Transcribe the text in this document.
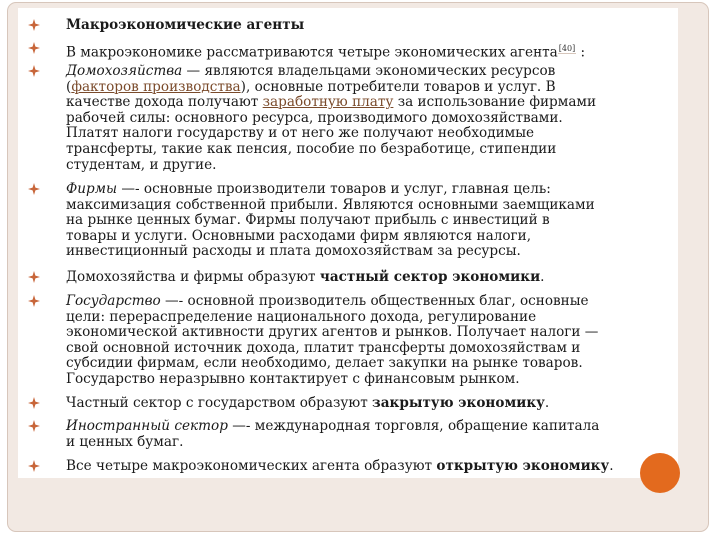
Макроэкономические агенты
В макроэкономике рассматриваются четыре экономических агента[40] :
Домохозяйства — являются владельцами экономических ресурсов
(факторов производства), основные потребители товаров и услуг. В
качестве дохода получают заработную плату за использование фирмами
рабочей силы: основного ресурса, производимого домохозяйствами.
Платят налоги государству и от него же получают необходимые
трансферты, такие как пенсия, пособие по безработице, стипендии
студентам, и другие.
Фирмы —- основные производители товаров и услуг, главная цель:
максимизация собственной прибыли. Являются основными заемщиками
на рынке ценных бумаг. Фирмы получают прибыль с инвестиций в
товары и услуги. Основными расходами фирм являются налоги,
инвестиционный расходы и плата домохозяйствам за ресурсы.
Домохозяйства и фирмы образуют частный сектор экономики.
Государство —- основной производитель общественных благ, основные
цели: перераспределение национального дохода, регулирование
экономической активности других агентов и рынков. Получает налоги —
свой основной источник дохода, платит трансферты домохозяйствам и
субсидии фирмам, если необходимо, делает закупки на рынке товаров.
Государство неразрывно контактирует с финансовым рынком.
Частный сектор с государством образуют закрытую экономику.
Иностранный сектор —- международная торговля, обращение капитала
и ценных бумаг.
Все четыре макроэкономических агента образуют открытую экономику.
